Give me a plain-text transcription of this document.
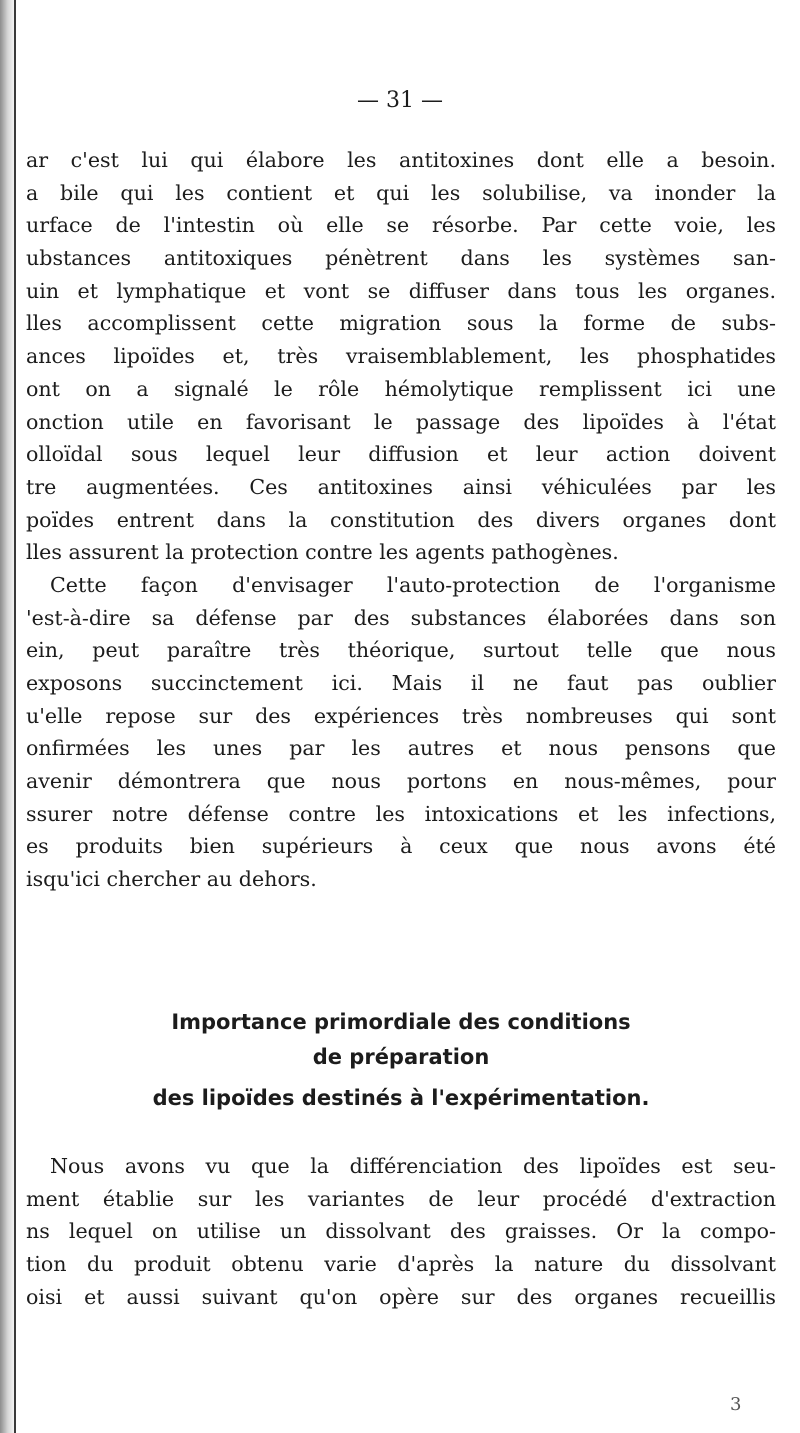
— 31 —
ar c'est lui qui élabore les antitoxines dont elle a besoin.
a bile qui les contient et qui les solubilise, va inonder la
urface de l'intestin où elle se résorbe. Par cette voie, les
ubstances antitoxiques pénètrent dans les systèmes san-
uin et lymphatique et vont se diffuser dans tous les organes.
lles accomplissent cette migration sous la forme de subs-
ances lipoïdes et, très vraisemblablement, les phosphatides
ont on a signalé le rôle hémolytique remplissent ici une
onction utile en favorisant le passage des lipoïdes à l'état
olloïdal sous lequel leur diffusion et leur action doivent
tre augmentées. Ces antitoxines ainsi véhiculées par les
poïdes entrent dans la constitution des divers organes dont
lles assurent la protection contre les agents pathogènes.
Cette façon d'envisager l'auto-protection de l'organisme
'est-à-dire sa défense par des substances élaborées dans son
ein, peut paraître très théorique, surtout telle que nous
exposons succinctement ici. Mais il ne faut pas oublier
u'elle repose sur des expériences très nombreuses qui sont
onfirmées les unes par les autres et nous pensons que
avenir démontrera que nous portons en nous-mêmes, pour
ssurer notre défense contre les intoxications et les infections,
es produits bien supérieurs à ceux que nous avons été
isqu'ici chercher au dehors.
Importance primordiale des conditions
de préparation
des lipoïdes destinés à l'expérimentation.
Nous avons vu que la différenciation des lipoïdes est seu-
ment établie sur les variantes de leur procédé d'extraction
ns lequel on utilise un dissolvant des graisses. Or la compo-
tion du produit obtenu varie d'après la nature du dissolvant
oisi et aussi suivant qu'on opère sur des organes recueillis
3
